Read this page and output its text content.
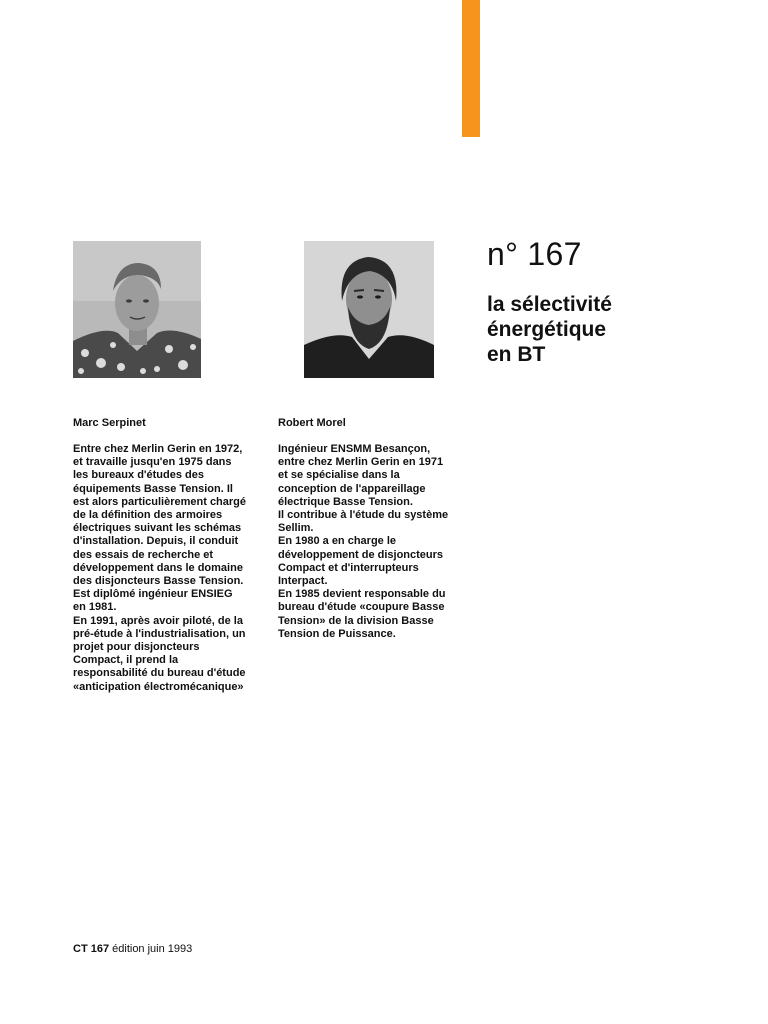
n° 167
la sélectivité
énergétique
en BT
Marc Serpinet
Entre chez Merlin Gerin en 1972,
et travaille jusqu'en 1975 dans
les bureaux d'études des
équipements Basse Tension. Il
est alors particulièrement chargé
de la définition des armoires
électriques suivant les schémas
d'installation. Depuis, il conduit
des essais de recherche et
développement dans le domaine
des disjoncteurs Basse Tension.
Est diplômé ingénieur ENSIEG
en 1981.
En 1991, après avoir piloté, de la
pré-étude à l'industrialisation, un
projet pour disjoncteurs
Compact, il prend la
responsabilité du bureau d'étude
«anticipation électromécanique»
Robert Morel
Ingénieur ENSMM Besançon,
entre chez Merlin Gerin en 1971
et se spécialise dans la
conception de l'appareillage
électrique Basse Tension.
Il contribue à l'étude du système
Sellim.
En 1980 a en charge le
développement de disjoncteurs
Compact et d'interrupteurs
Interpact.
En 1985 devient responsable du
bureau d'étude «coupure Basse
Tension» de la division Basse
Tension de Puissance.
CT 167 édition juin 1993
